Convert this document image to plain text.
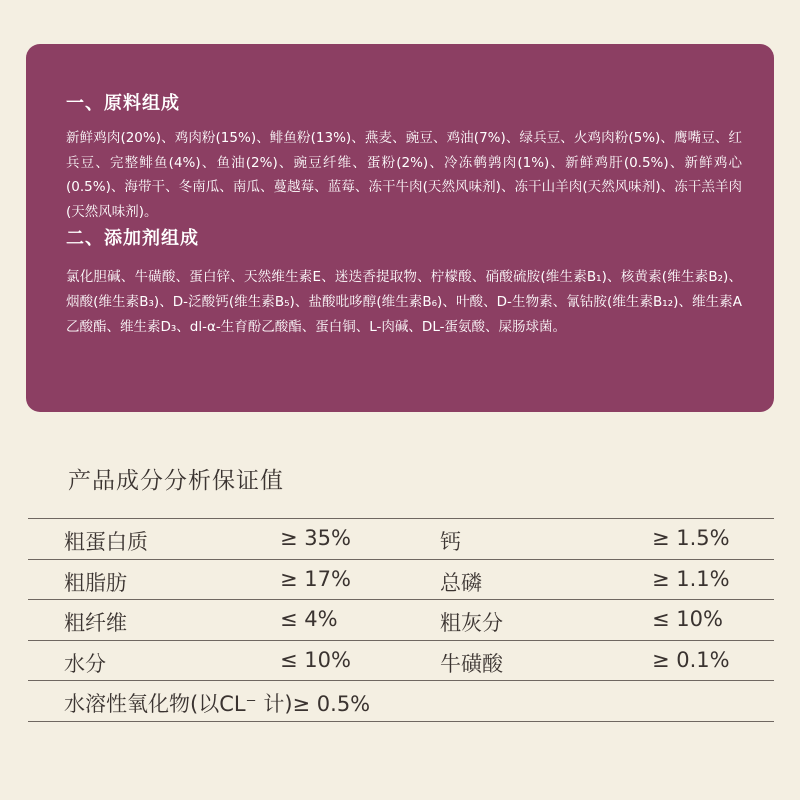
一、原料组成

新鲜鸡肉(20%)、鸡肉粉(15%)、鲱鱼粉(13%)、燕麦、豌豆、鸡油(7%)、绿兵豆、火鸡肉粉(5%)、鹰嘴豆、红兵豆、完整鲱鱼(4%)、鱼油(2%)、豌豆纤维、蛋粉(2%)、冷冻鹌鹑肉(1%)、新鲜鸡肝(0.5%)、新鲜鸡心(0.5%)、海带干、冬南瓜、南瓜、蔓越莓、蓝莓、冻干牛肉(天然风味剂)、冻干山羊肉(天然风味剂)、冻干羔羊肉(天然风味剂)。

二、添加剂组成

氯化胆碱、牛磺酸、蛋白锌、天然维生素E、迷迭香提取物、柠檬酸、硝酸硫胺(维生素B₁)、核黄素(维生素B₂)、烟酸(维生素B₃)、D-泛酸钙(维生素B₅)、盐酸吡哆醇(维生素B₆)、叶酸、D-生物素、氰钴胺(维生素B₁₂)、维生素A乙酸酯、维生素D₃、dl-α-生育酚乙酸酯、蛋白铜、L-肉碱、DL-蛋氨酸、屎肠球菌。

产品成分分析保证值
粗蛋白质	≥ 35%	钙	≥ 1.5%
粗脂肪	≥ 17%	总磷	≥ 1.1%
粗纤维	≤ 4%	粗灰分	≤ 10%
水分	≤ 10%	牛磺酸	≥ 0.1%
水溶性氧化物(以CL⁻ 计)≥ 0.5%
